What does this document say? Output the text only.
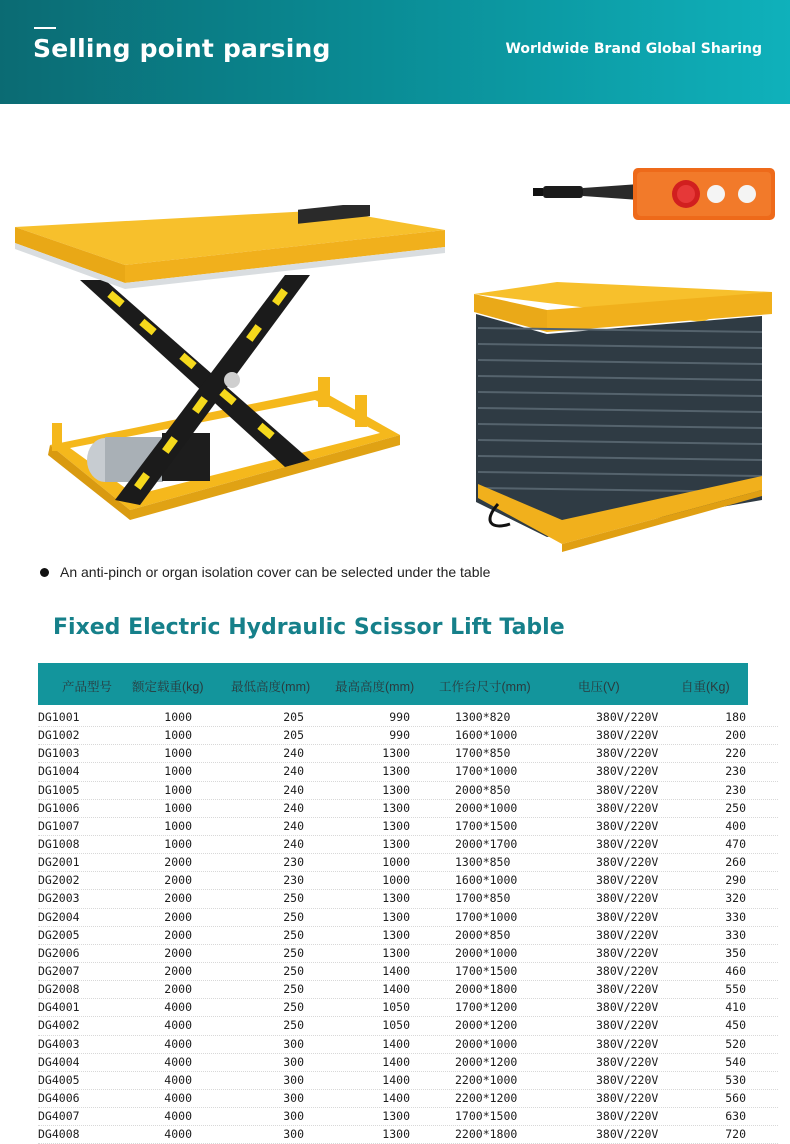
Selling point parsing	Worldwide Brand Global Sharing
An anti-pinch or organ isolation cover can be selected under the table
Fixed Electric Hydraulic Scissor Lift Table
产品型号 额定载重(kg) 最低高度(mm) 最高高度(mm) 工作台尺寸(mm)	电压(V)	自重(Kg)
DG1001	1000	205	990	1300*820	380V/220V	180
DG1002	1000	205	990	1600*1000	380V/220V	200
DG1003	1000	240	1300	1700*850	380V/220V	220
DG1004	1000	240	1300	1700*1000	380V/220V	230
DG1005	1000	240	1300	2000*850	380V/220V	230
DG1006	1000	240	1300	2000*1000	380V/220V	250
DG1007	1000	240	1300	1700*1500	380V/220V	400
DG1008	1000	240	1300	2000*1700	380V/220V	470
DG2001	2000	230	1000	1300*850	380V/220V	260
DG2002	2000	230	1000	1600*1000	380V/220V	290
DG2003	2000	250	1300	1700*850	380V/220V	320
DG2004	2000	250	1300	1700*1000	380V/220V	330
DG2005	2000	250	1300	2000*850	380V/220V	330
DG2006	2000	250	1300	2000*1000	380V/220V	350
DG2007	2000	250	1400	1700*1500	380V/220V	460
DG2008	2000	250	1400	2000*1800	380V/220V	550
DG4001	4000	250	1050	1700*1200	380V/220V	410
DG4002	4000	250	1050	2000*1200	380V/220V	450
DG4003	4000	300	1400	2000*1000	380V/220V	520
DG4004	4000	300	1400	2000*1200	380V/220V	540
DG4005	4000	300	1400	2200*1000	380V/220V	530
DG4006	4000	300	1400	2200*1200	380V/220V	560
DG4007	4000	300	1300	1700*1500	380V/220V	630
DG4008	4000	300	1300	2200*1800	380V/220V	720
